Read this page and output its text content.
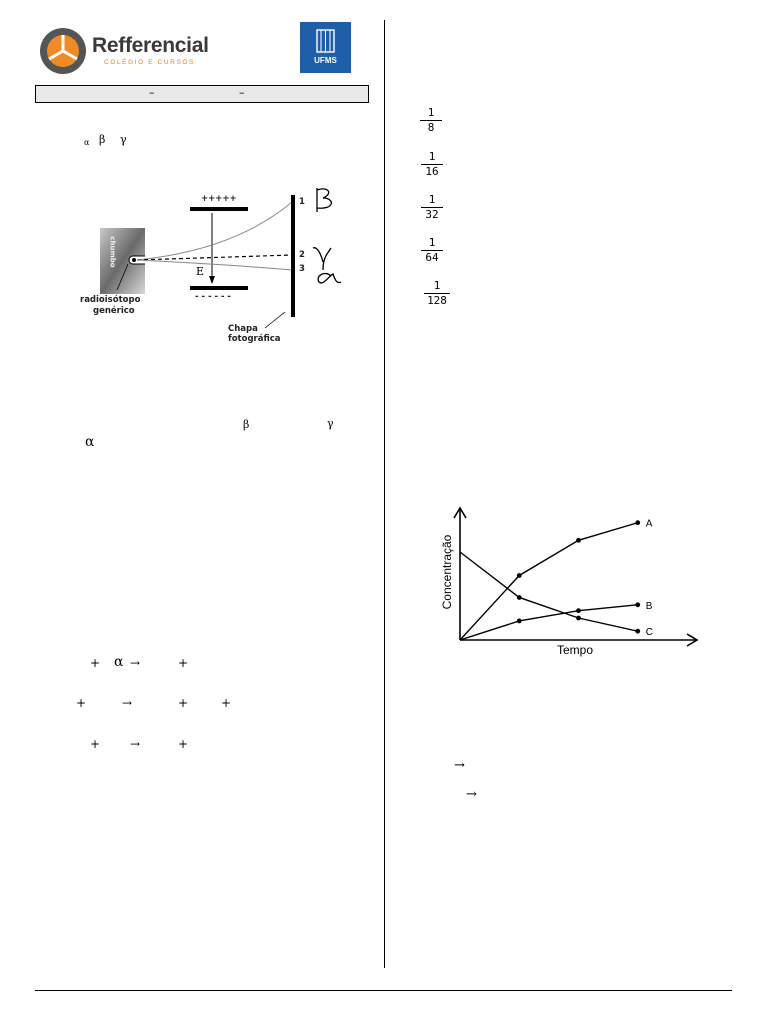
Refferencial
COLÉGIO E CURSOS	UFMS
–	–
α β γ
+++++
- - - - - -
E
chumbo
radioisótopo
genérico
Chapa
fotográfica
1
2
3
β	γ
α
+ α →	+
+	→	+	+
+ →	+
$\frac{1}{8}$
$\frac{1}{16}$
$\frac{1}{32}$
$\frac{1}{64}$
$\frac{1}{128}$
A
B
C
Tempo
Concentração
→
→
